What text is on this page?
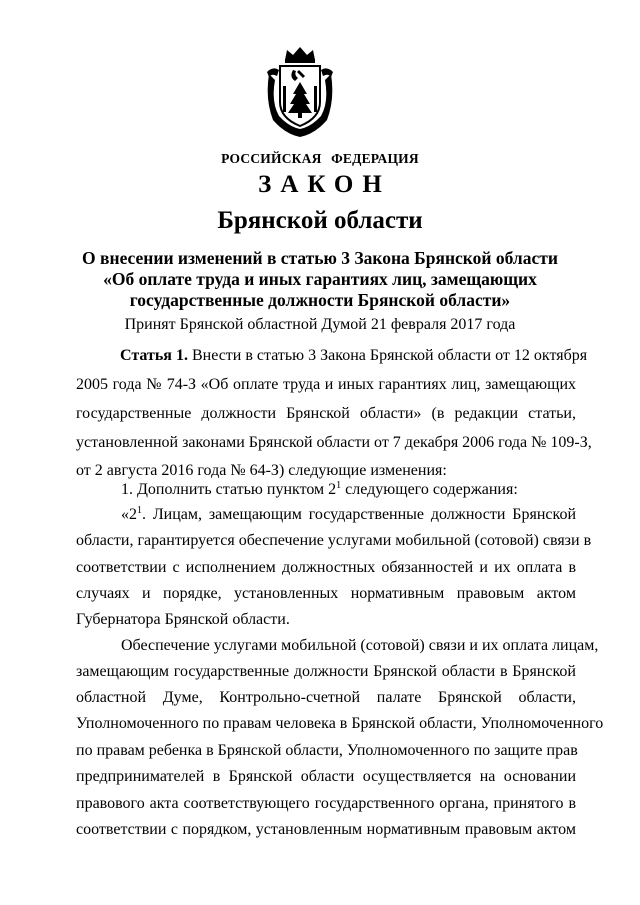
РОССИЙСКАЯ ФЕДЕРАЦИЯ
ЗАКОН
Брянской области
О внесении изменений в статью 3 Закона Брянской области
«Об оплате труда и иных гарантиях лиц, замещающих
государственные должности Брянской области»
Принят Брянской областной Думой 21 февраля 2017 года
Статья 1. Внести в статью 3 Закона Брянской области от 12 октября
2005 года № 74-З «Об оплате труда и иных гарантиях лиц, замещающих
государственные должности Брянской области» (в редакции статьи,
установленной законами Брянской области от 7 декабря 2006 года № 109-З,
от 2 августа 2016 года № 64-З) следующие изменения:
1. Дополнить статью пунктом $2^1$ следующего содержания:
«$2^1$. Лицам, замещающим государственные должности Брянской
области, гарантируется обеспечение услугами мобильной (сотовой) связи в
соответствии с исполнением должностных обязанностей и их оплата в
случаях и порядке, установленных нормативным правовым актом
Губернатора Брянской области.
Обеспечение услугами мобильной (сотовой) связи и их оплата лицам,
замещающим государственные должности Брянской области в Брянской
областной Думе, Контрольно-счетной палате Брянской области,
Уполномоченного по правам человека в Брянской области, Уполномоченного
по правам ребенка в Брянской области, Уполномоченного по защите прав
предпринимателей в Брянской области осуществляется на основании
правового акта соответствующего государственного органа, принятого в
соответствии с порядком, установленным нормативным правовым актом
